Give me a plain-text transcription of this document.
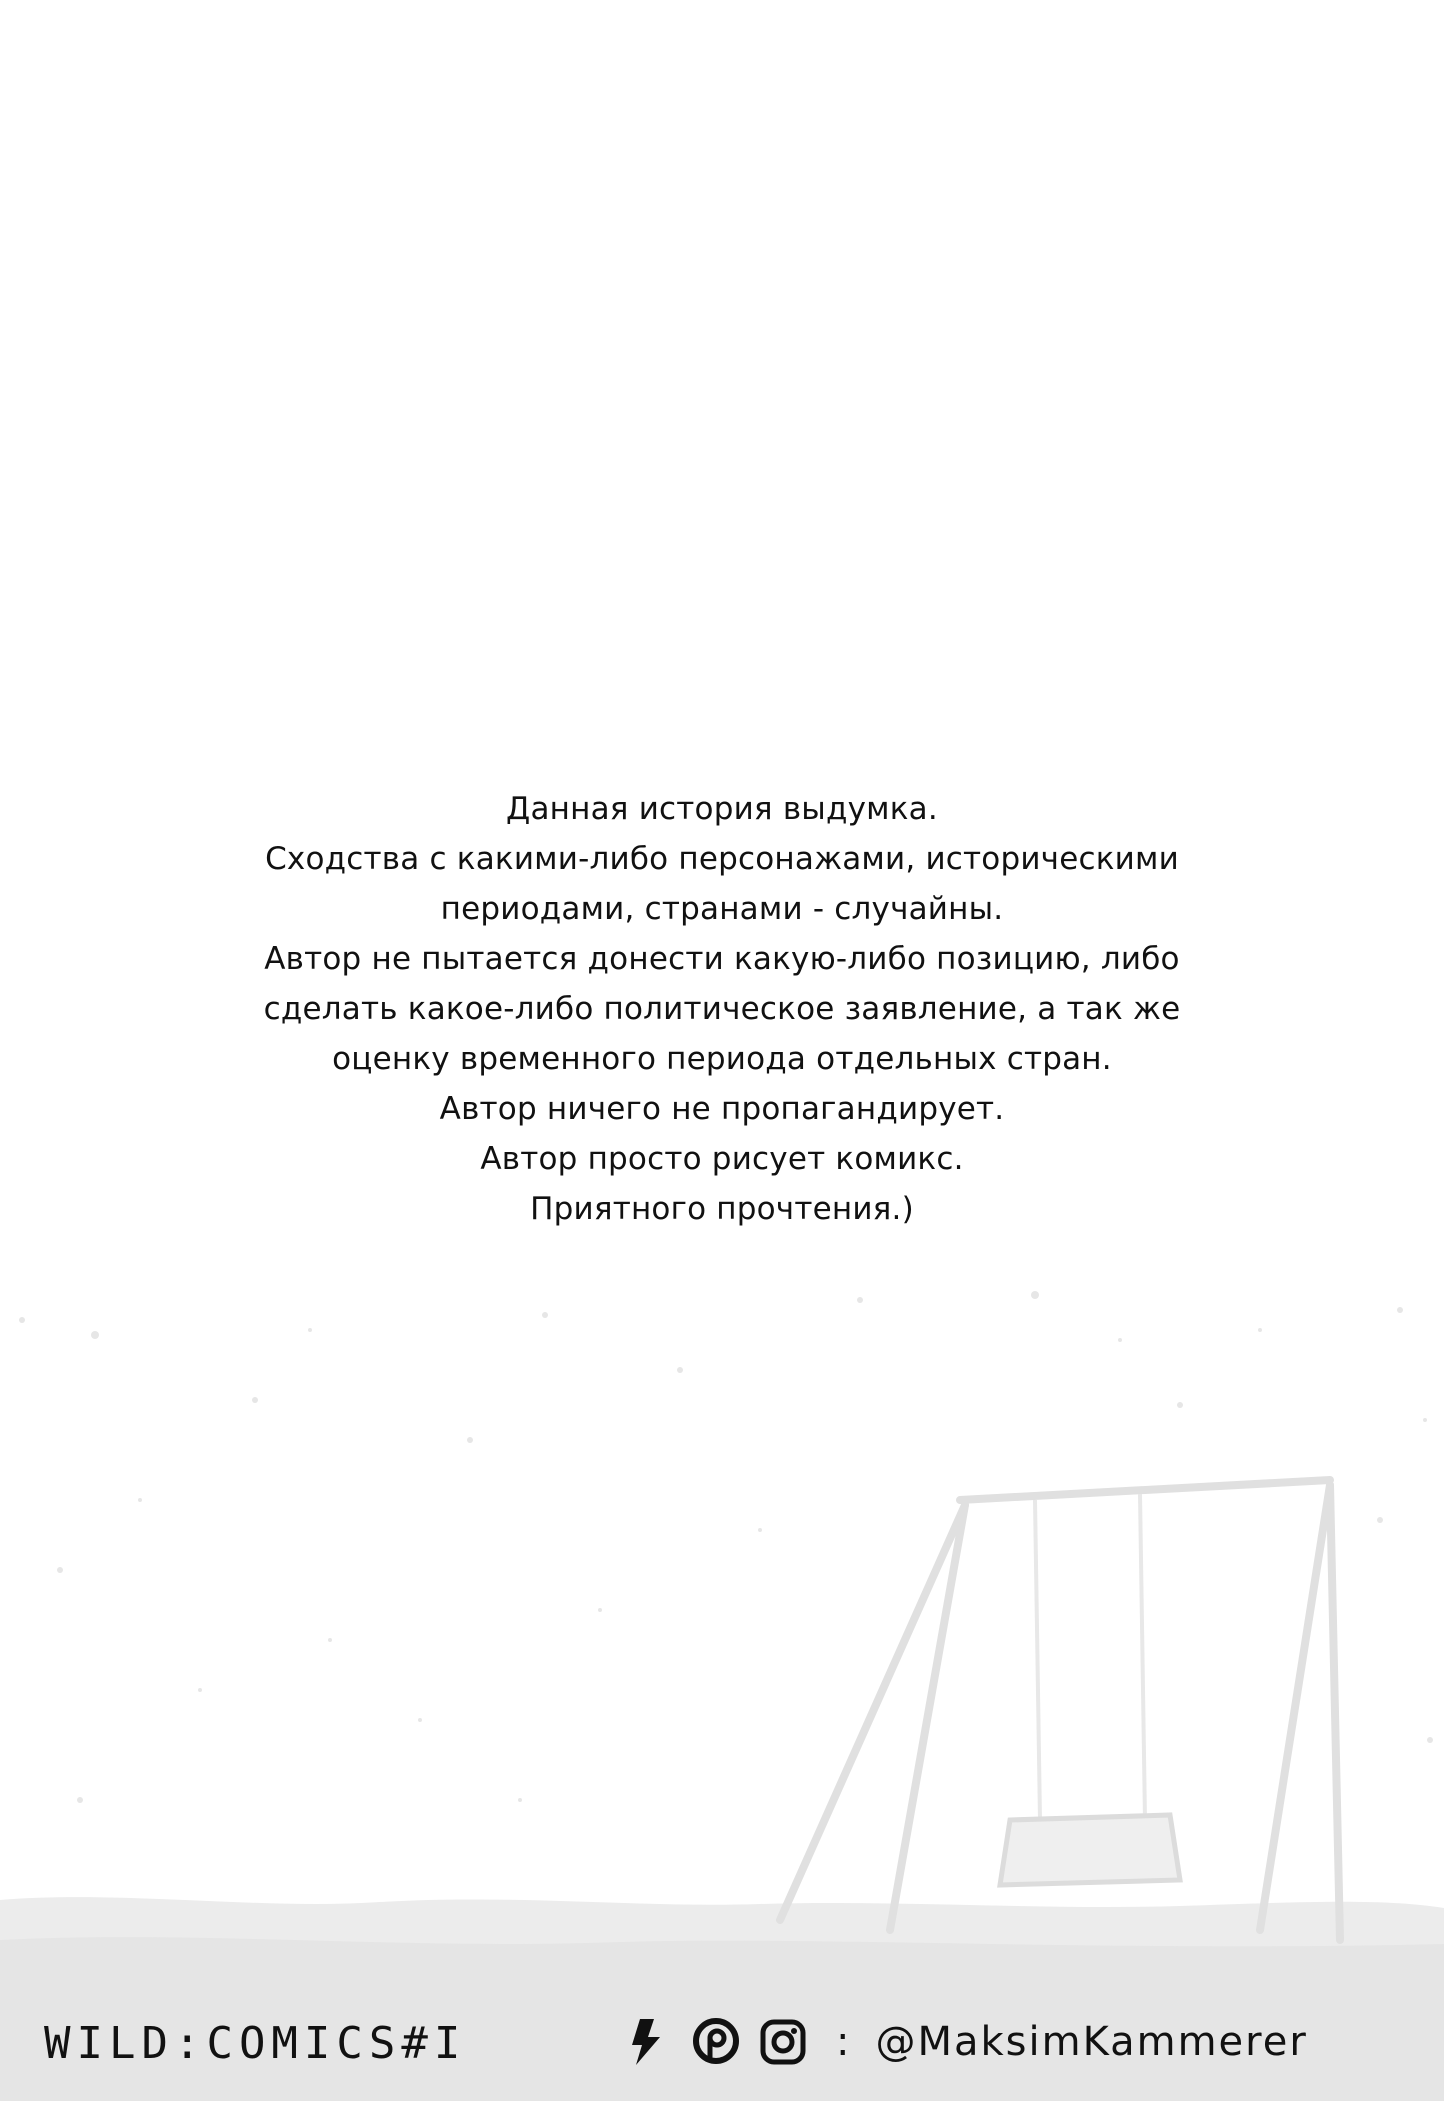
Данная история выдумка.
Сходства с какими-либо персонажами, историческими
периодами, странами - случайны.
Автор не пытается донести какую-либо позицию, либо
сделать какое-либо политическое заявление, а так же
оценку временного периода отдельных стран.
Автор ничего не пропагандирует.
Автор просто рисует комикс.
Приятного прочтения.)
WILD:COMICS#I	: @MaksimKammerer
